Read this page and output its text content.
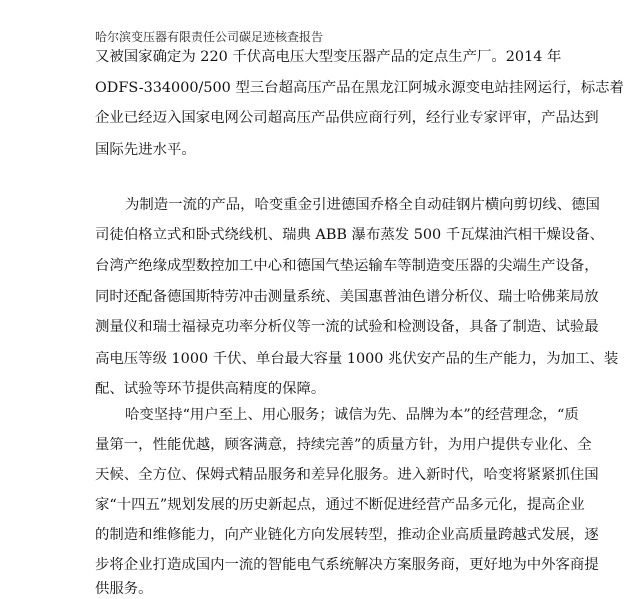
哈尔滨变压器有限责任公司碳足迹核查报告
又被国家确定为 220 千伏高电压大型变压器产品的定点生产厂。2014 年
ODFS-334000/500 型三台超高压产品在黑龙江阿城永源变电站挂网运行，标志着
企业已经迈入国家电网公司超高压产品供应商行列，经行业专家评审，产品达到
国际先进水平。
为制造一流的产品，哈变重金引进德国乔格全自动硅钢片横向剪切线、德国
司徒伯格立式和卧式绕线机、瑞典 ABB 瀑布蒸发 500 千瓦煤油汽相干燥设备、
台湾产绝缘成型数控加工中心和德国气垫运输车等制造变压器的尖端生产设备，
同时还配备德国斯特劳冲击测量系统、美国惠普油色谱分析仪、瑞士哈佛莱局放
测量仪和瑞士福禄克功率分析仪等一流的试验和检测设备，具备了制造、试验最
高电压等级 1000 千伏、单台最大容量 1000 兆伏安产品的生产能力，为加工、装
配、试验等环节提供高精度的保障。
哈变坚持“用户至上、用心服务；诚信为先、品牌为本”的经营理念，“质
量第一，性能优越，顾客满意，持续完善”的质量方针，为用户提供专业化、全
天候、全方位、保姆式精品服务和差异化服务。进入新时代，哈变将紧紧抓住国
家“十四五”规划发展的历史新起点，通过不断促进经营产品多元化，提高企业
的制造和维修能力，向产业链化方向发展转型，推动企业高质量跨越式发展，逐
步将企业打造成国内一流的智能电气系统解决方案服务商，更好地为中外客商提
供服务。
